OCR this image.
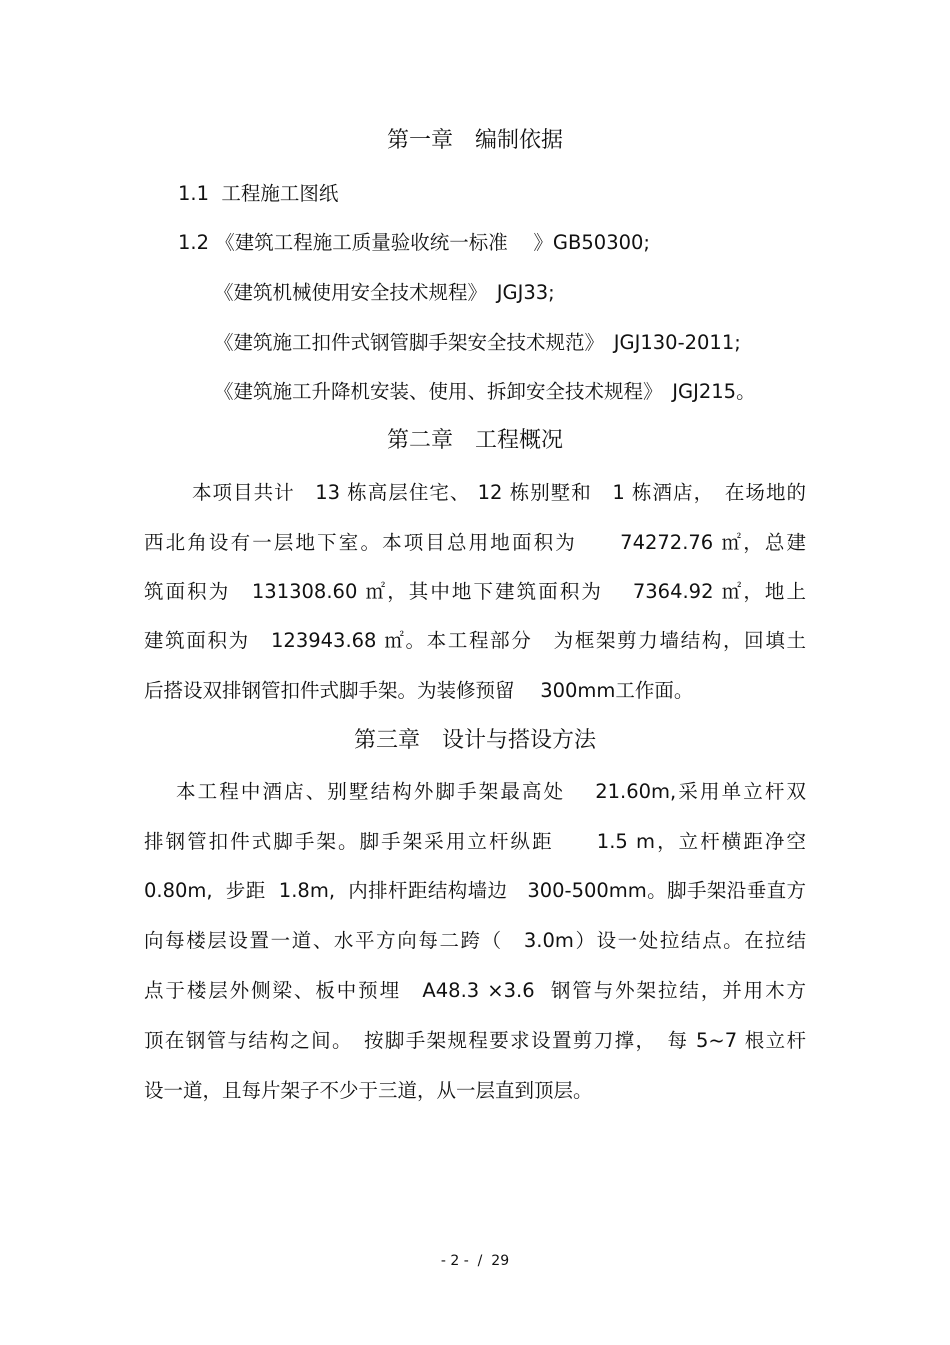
第一章　编制依据
1.1  工程施工图纸
1.2 《建筑工程施工质量验收统一标准　 》GB50300;
《建筑机械使用安全技术规程》　JGJ33;
《建筑施工扣件式钢管脚手架安全技术规范》　JGJ130-2011;
《建筑施工升降机安装、使用、拆卸安全技术规程》　JGJ215。
第二章　工程概况
本项目共计　13 栋高层住宅、 12 栋别墅和　1 栋酒店，　在场地的
西北角设有一层地下室。本项目总用地面积为　　74272.76 ㎡，总建
筑面积为　131308.60 ㎡，其中地下建筑面积为　 7364.92 ㎡，地上
建筑面积为　123943.68 ㎡。本工程部分　为框架剪力墙结构，回填土
后搭设双排钢管扣件式脚手架。为装修预留　 300mm工作面。
第三章　设计与搭设方法
本工程中酒店、别墅结构外脚手架最高处　 21.60m,采用单立杆双
排钢管扣件式脚手架。脚手架采用立杆纵距　　1.5 m，立杆横距净空
0.80m,  步距  1.8m,  内排杆距结构墙边　300-500mm。脚手架沿垂直方
向每楼层设置一道、水平方向每二跨（　3.0m）设一处拉结点。在拉结
点于楼层外侧梁、板中预埋　A48.3 ×3.6  钢管与外架拉结，并用木方
顶在钢管与结构之间。　按脚手架规程要求设置剪刀撑，　每 5~7 根立杆
设一道，且每片架子不少于三道，从一层直到顶层。
- 2 -  /  29
